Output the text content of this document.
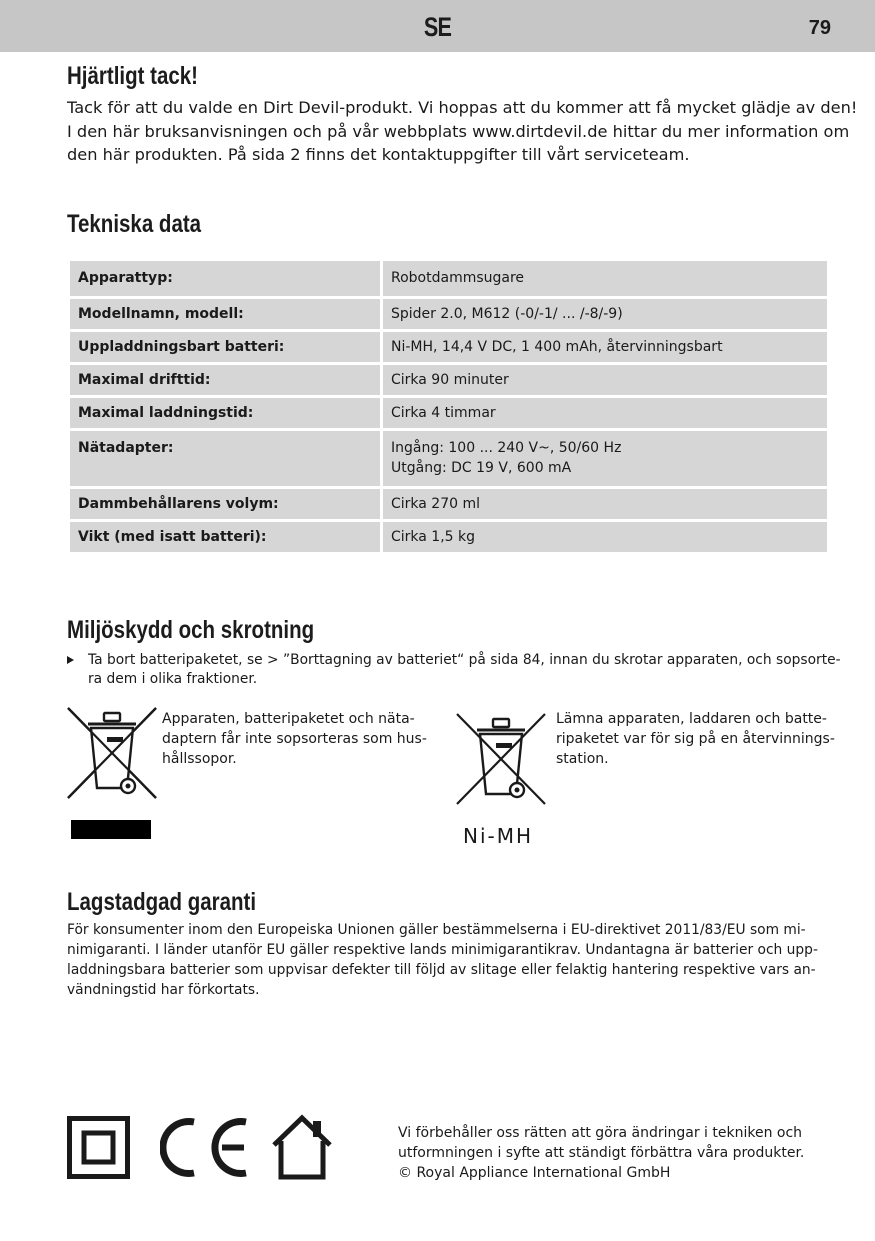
SE	79
Hjärtligt tack!

Tack för att du valde en Dirt Devil-produkt. Vi hoppas att du kommer att få mycket glädje av den!

I den här bruksanvisningen och på vår webbplats www.dirtdevil.de hittar du mer information om

den här produkten. På sida 2 finns det kontaktuppgifter till vårt serviceteam.

Tekniska data
Apparattyp:	Robotdammsugare

Modellnamn, modell:	Spider 2.0, M612 (-0/-1/ ... /-8/-9)

Uppladdningsbart batteri:	Ni-MH, 14,4 V DC, 1 400 mAh, återvinningsbart

Maximal drifttid:	Cirka 90 minuter

Maximal laddningstid:	Cirka 4 timmar

Nätadapter:	Ingång: 100 ... 240 V~, 50/60 Hz
Utgång: DC 19 V, 600 mA

Dammbehållarens volym:	Cirka 270 ml

Vikt (med isatt batteri):	Cirka 1,5 kg
Miljöskydd och skrotning
Ta bort batteripaketet, se > ”Borttagning av batteriet“ på sida 84, innan du skrotar apparaten, och sopsorte-
ra dem i olika fraktioner.
Apparaten, batteripaketet och näta-
daptern får inte sopsorteras som hus-
hållssopor.
Lämna apparaten, laddaren och batte-
ripaketet var för sig på en återvinnings-
station.
Ni-MH
Lagstadgad garanti

För konsumenter inom den Europeiska Unionen gäller bestämmelserna i EU-direktivet 2011/83/EU som mi-

nimigaranti. I länder utanför EU gäller respektive lands minimigarantikrav. Undantagna är batterier och upp-

laddningsbara batterier som uppvisar defekter till följd av slitage eller felaktig hantering respektive vars an-

vändningstid har förkortats.

Vi förbehåller oss rätten att göra ändringar i tekniken och

utformningen i syfte att ständigt förbättra våra produkter.

© Royal Appliance International GmbH
